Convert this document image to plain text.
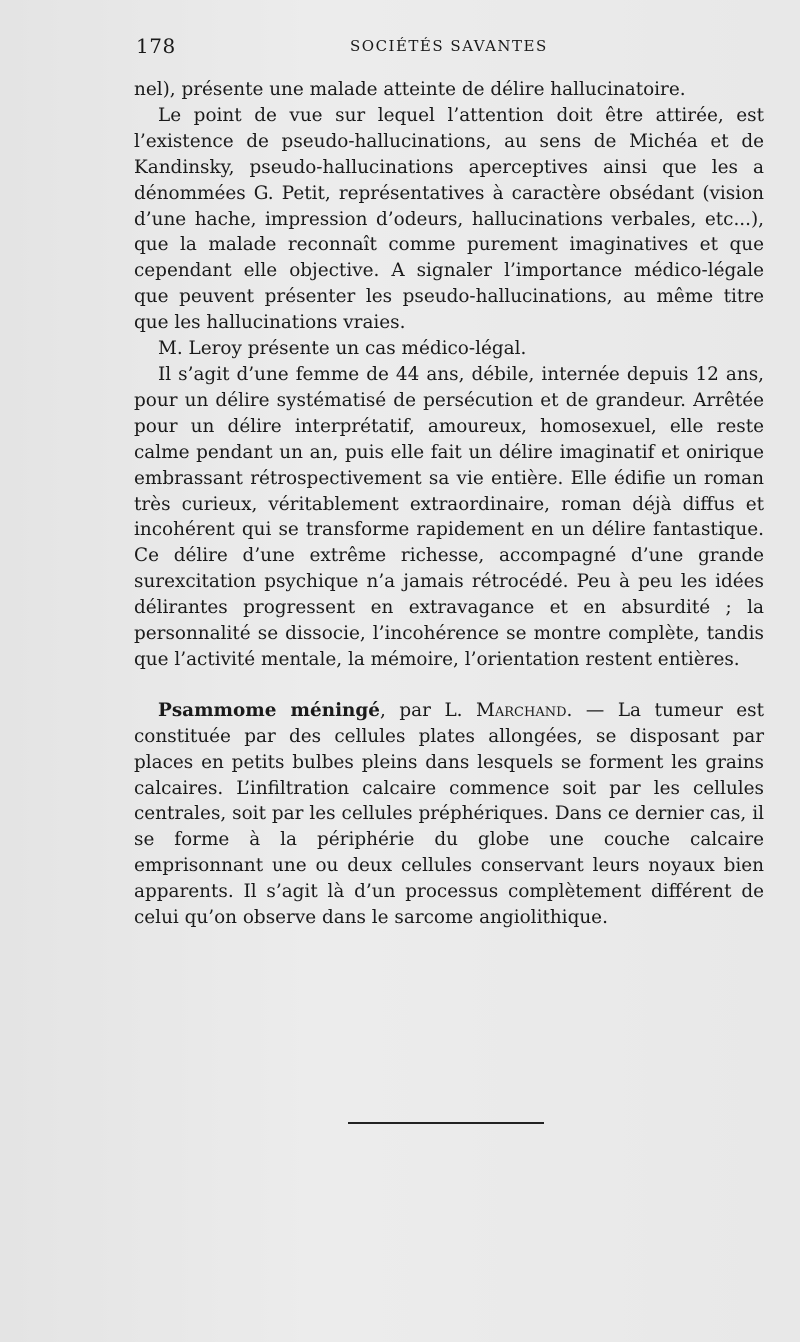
178	SOCIÉTÉS SAVANTES

nel), présente une malade atteinte de délire hallucinatoire.

Le point de vue sur lequel l’attention doit être attirée, est l’existence de pseudo-hallucinations, au sens de Michéa et de Kandinsky, pseudo-hallucinations aperceptives ainsi que les a dénommées G. Petit, représentatives à caractère obsédant (vision d’une hache, impression d’odeurs, hallucinations verbales, etc...), que la malade reconnaît comme purement imaginatives et que cependant elle objective. A signaler l’importance médico-légale que peuvent présenter les pseudo-hallucinations, au même titre que les hallucinations vraies.

M. Leroy présente un cas médico-légal.

Il s’agit d’une femme de 44 ans, débile, internée depuis 12 ans, pour un délire systématisé de persécution et de grandeur. Arrêtée pour un délire interprétatif, amoureux, homosexuel, elle reste calme pendant un an, puis elle fait un délire imaginatif et onirique embrassant rétrospectivement sa vie entière. Elle édifie un roman très curieux, véritablement extraordinaire, roman déjà diffus et incohérent qui se transforme rapidement en un délire fantastique. Ce délire d’une extrême richesse, accompagné d’une grande surexcitation psychique n’a jamais rétrocédé. Peu à peu les idées délirantes progressent en extravagance et en absurdité ; la personnalité se dissocie, l’incohérence se montre complète, tandis que l’activité mentale, la mémoire, l’orientation restent entières.

Psammome méningé, par L. Marchand. — La tumeur est constituée par des cellules plates allongées, se disposant par places en petits bulbes pleins dans lesquels se forment les grains calcaires. L’infiltration calcaire commence soit par les cellules centrales, soit par les cellules préphériques. Dans ce dernier cas, il se forme à la périphérie du globe une couche calcaire emprisonnant une ou deux cellules conservant leurs noyaux bien apparents. Il s’agit là d’un processus complètement différent de celui qu’on observe dans le sarcome angiolithique.
